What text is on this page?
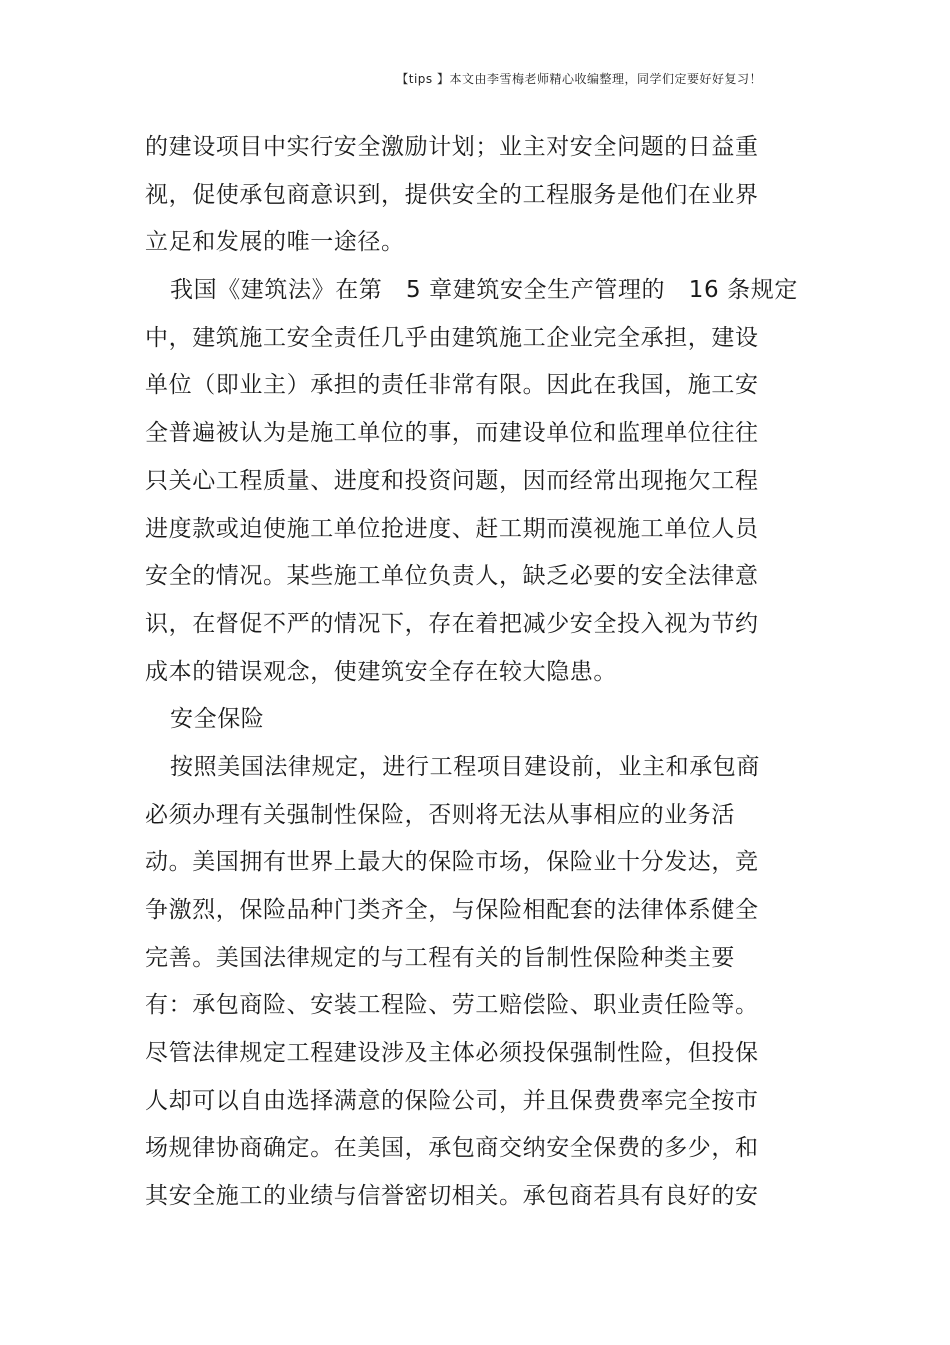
【tips 】本文由李雪梅老师精心收编整理，同学们定要好好复习！
的建设项目中实行安全激励计划；业主对安全问题的日益重
视，促使承包商意识到，提供安全的工程服务是他们在业界
立足和发展的唯一途径。
我国《建筑法》在第　5 章建筑安全生产管理的　16 条规定
中，建筑施工安全责任几乎由建筑施工企业完全承担，建设
单位（即业主）承担的责任非常有限。因此在我国，施工安
全普遍被认为是施工单位的事，而建设单位和监理单位往往
只关心工程质量、进度和投资问题，因而经常出现拖欠工程
进度款或迫使施工单位抢进度、赶工期而漠视施工单位人员
安全的情况。某些施工单位负责人，缺乏必要的安全法律意
识，在督促不严的情况下，存在着把减少安全投入视为节约
成本的错误观念，使建筑安全存在较大隐患。
安全保险
按照美国法律规定，进行工程项目建设前，业主和承包商
必须办理有关强制性保险，否则将无法从事相应的业务活
动。美国拥有世界上最大的保险市场，保险业十分发达，竞
争激烈，保险品种门类齐全，与保险相配套的法律体系健全
完善。美国法律规定的与工程有关的旨制性保险种类主要
有：承包商险、安装工程险、劳工赔偿险、职业责任险等。
尽管法律规定工程建设涉及主体必须投保强制性险，但投保
人却可以自由选择满意的保险公司，并且保费费率完全按市
场规律协商确定。在美国，承包商交纳安全保费的多少，和
其安全施工的业绩与信誉密切相关。承包商若具有良好的安
